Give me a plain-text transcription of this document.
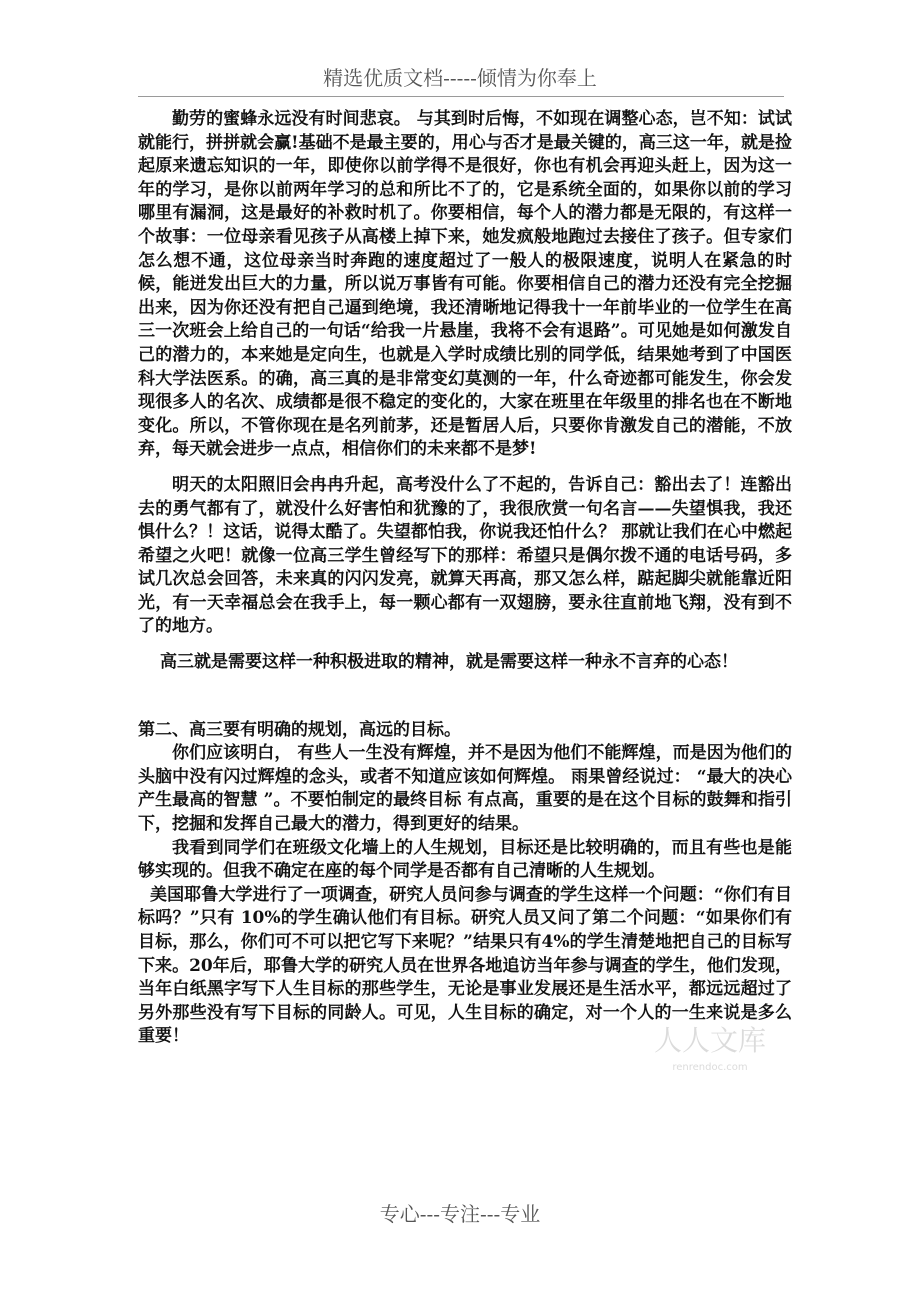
精选优质文档-----倾情为你奉上

勤劳的蜜蜂永远没有时间悲哀。 与其到时后悔，不如现在调整心态，岂不知：试试就能行，拼拼就会赢!基础不是最主要的，用心与否才是最关键的，高三这一年，就是捡起原来遗忘知识的一年，即使你以前学得不是很好，你也有机会再迎头赶上，因为这一年的学习，是你以前两年学习的总和所比不了的，它是系统全面的，如果你以前的学习哪里有漏洞，这是最好的补救时机了。你要相信，每个人的潜力都是无限的，有这样一个故事：一位母亲看见孩子从高楼上掉下来，她发疯般地跑过去接住了孩子。但专家们怎么想不通，这位母亲当时奔跑的速度超过了一般人的极限速度，说明人在紧急的时候，能迸发出巨大的力量，所以说万事皆有可能。你要相信自己的潜力还没有完全挖掘出来，因为你还没有把自己逼到绝境，我还清晰地记得我十一年前毕业的一位学生在高三一次班会上给自己的一句话“给我一片悬崖，我将不会有退路”。可见她是如何激发自己的潜力的，本来她是定向生，也就是入学时成绩比别的同学低，结果她考到了中国医科大学法医系。的确，高三真的是非常变幻莫测的一年，什么奇迹都可能发生，你会发现很多人的名次、成绩都是很不稳定的变化的，大家在班里在年级里的排名也在不断地变化。所以，不管你现在是名列前茅，还是暂居人后，只要你肯激发自己的潜能，不放弃，每天就会进步一点点，相信你们的未来都不是梦!

明天的太阳照旧会冉冉升起，高考没什么了不起的，告诉自己：豁出去了！连豁出去的勇气都有了，就没什么好害怕和犹豫的了，我很欣赏一句名言——失望惧我，我还惧什么？！这话，说得太酷了。失望都怕我，你说我还怕什么？ 那就让我们在心中燃起希望之火吧！就像一位高三学生曾经写下的那样：希望只是偶尔拨不通的电话号码，多试几次总会回答，未来真的闪闪发亮，就算天再高，那又怎么样，踮起脚尖就能靠近阳光，有一天幸福总会在我手上，每一颗心都有一双翅膀，要永往直前地飞翔，没有到不了的地方。

高三就是需要这样一种积极进取的精神，就是需要这样一种永不言弃的心态！

第二、高三要有明确的规划，高远的目标。

你们应该明白， 有些人一生没有辉煌，并不是因为他们不能辉煌，而是因为他们的头脑中没有闪过辉煌的念头，或者不知道应该如何辉煌。 雨果曾经说过： “最大的决心产生最高的智慧 ”。不要怕制定的最终目标 有点高，重要的是在这个目标的鼓舞和指引下，挖掘和发挥自己最大的潜力，得到更好的结果。

我看到同学们在班级文化墙上的人生规划，目标还是比较明确的，而且有些也是能够实现的。但我不确定在座的每个同学是否都有自己清晰的人生规划。

美国耶鲁大学进行了一项调查，研究人员问参与调查的学生这样一个问题：“你们有目标吗？”只有 10%的学生确认他们有目标。研究人员又问了第二个问题：“如果你们有目标，那么，你们可不可以把它写下来呢？”结果只有4%的学生清楚地把自己的目标写下来。20年后，耶鲁大学的研究人员在世界各地追访当年参与调查的学生，他们发现，当年白纸黑字写下人生目标的那些学生，无论是事业发展还是生活水平，都远远超过了另外那些没有写下目标的同龄人。可见，人生目标的确定，对一个人的一生来说是多么重要！	人人文库
renrendoc.com
专心---专注---专业
